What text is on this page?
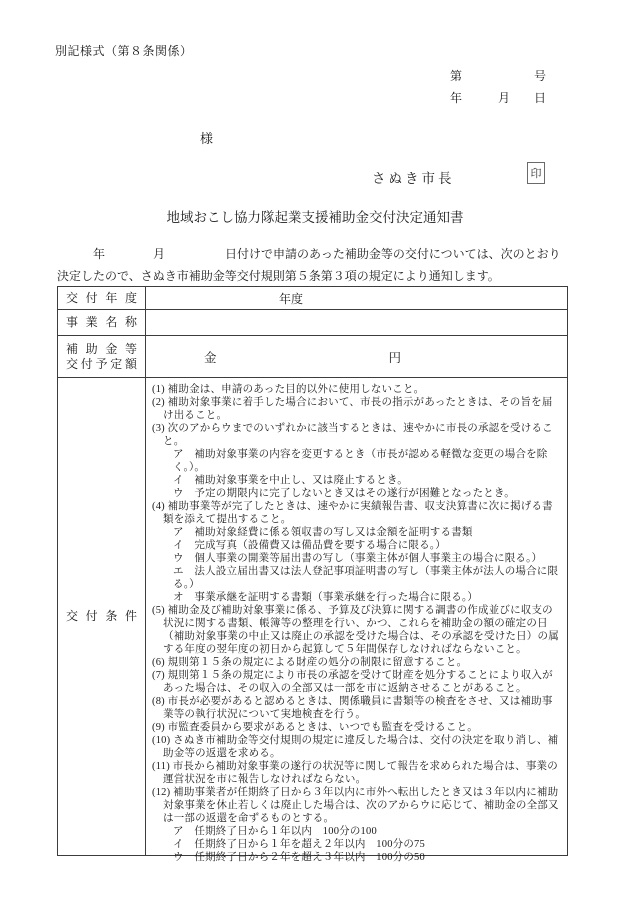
別記様式（第８条関係）
第　　　　　　号
年　　　月　　日
様
さぬき市長	印
地域おこし協力隊起業支援補助金交付決定通知書
　　　年　　　　月　　　　　日付けで申請のあった補助金等の交付については、次のとおり
決定したので、さぬき市補助金等交付規則第５条第３項の規定により通知します。
交付年度	年度
事業名称
補助金等
交付予定額	金	円
交付条件
(1) 補助金は、申請のあった目的以外に使用しないこと。
(2) 補助対象事業に着手した場合において、市長の指示があったときは、その旨を届け出ること。
(3) 次のアからウまでのいずれかに該当するときは、速やかに市長の承認を受けること。
ア　補助対象事業の内容を変更するとき（市長が認める軽微な変更の場合を除く。）。
イ　補助対象事業を中止し、又は廃止するとき。
ウ　予定の期限内に完了しないとき又はその遂行が困難となったとき。
(4) 補助事業等が完了したときは、速やかに実績報告書、収支決算書に次に掲げる書類を添えて提出すること。
ア　補助対象経費に係る領収書の写し又は金額を証明する書類
イ　完成写真（設備費又は備品費を要する場合に限る。）
ウ　個人事業の開業等届出書の写し（事業主体が個人事業主の場合に限る。）
エ　法人設立届出書又は法人登記事項証明書の写し（事業主体が法人の場合に限る。）
オ　事業承継を証明する書類（事業承継を行った場合に限る。）
(5) 補助金及び補助対象事業に係る、予算及び決算に関する調書の作成並びに収支の状況に関する書類、帳簿等の整理を行い、かつ、これらを補助金の額の確定の日（補助対象事業の中止又は廃止の承認を受けた場合は、その承認を受けた日）の属する年度の翌年度の初日から起算して５年間保存しなければならないこと。
(6) 規則第１５条の規定による財産の処分の制限に留意すること。
(7) 規則第１５条の規定により市長の承認を受けて財産を処分することにより収入があった場合は、その収入の全部又は一部を市に返納させることがあること。
(8) 市長が必要があると認めるときは、関係職員に書類等の検査をさせ、又は補助事業等の執行状況について実地検査を行う。
(9) 市監査委員から要求があるときは、いつでも監査を受けること。
(10) さぬき市補助金等交付規則の規定に違反した場合は、交付の決定を取り消し、補助金等の返還を求める。
(11) 市長から補助対象事業の遂行の状況等に関して報告を求められた場合は、事業の運営状況を市に報告しなければならない。
(12) 補助事業者が任期終了日から３年以内に市外へ転出したとき又は３年以内に補助対象事業を休止若しくは廃止した場合は、次のアからウに応じて、補助金の全部又は一部の返還を命ずるものとする。
ア　任期終了日から１年以内　100分の100
イ　任期終了日から１年を超え２年以内　100分の75
ウ　任期終了日から２年を超え３年以内　100分の50
